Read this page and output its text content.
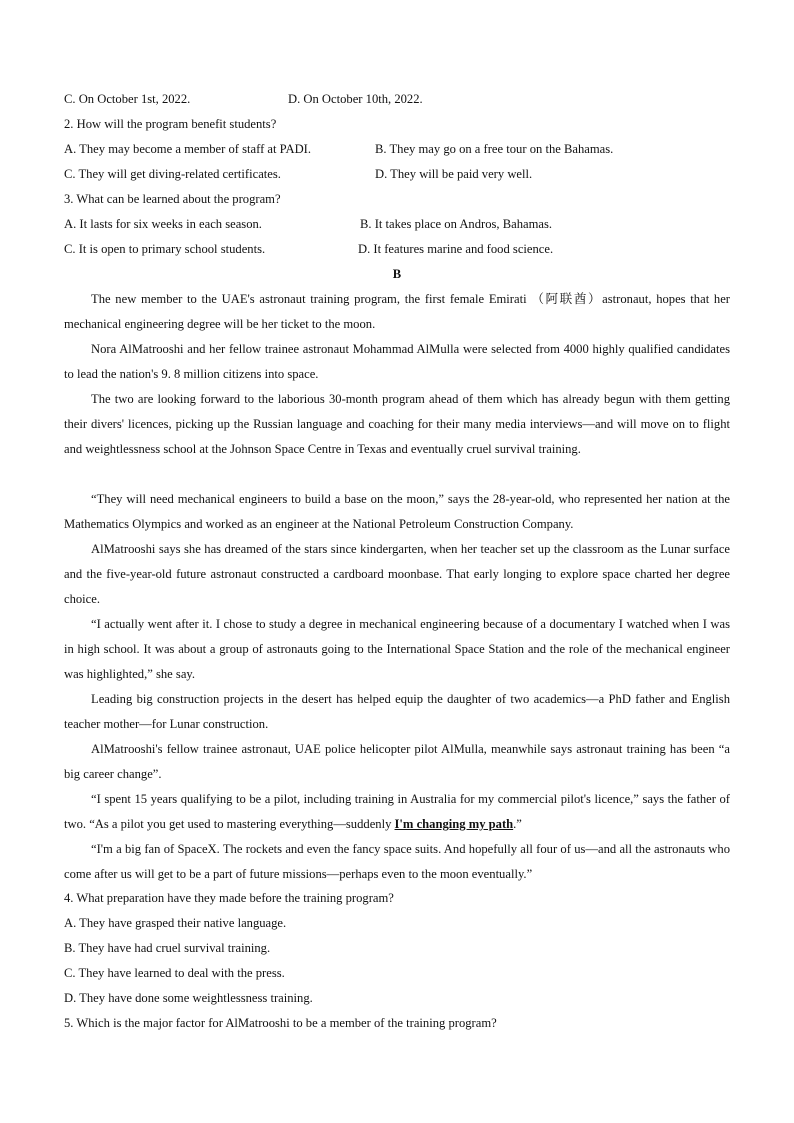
C. On October 1st, 2022.	D. On October 10th, 2022.
2. How will the program benefit students?
A. They may become a member of staff at PADI.	B. They may go on a free tour on the Bahamas.
C. They will get diving-related certificates.	D. They will be paid very well.
3. What can be learned about the program?
A. It lasts for six weeks in each season.	B. It takes place on Andros, Bahamas.
C. It is open to primary school students.	D. It features marine and food science.
B

The new member to the UAE's astronaut training program, the first female Emirati （阿联酋）astronaut, hopes that her mechanical engineering degree will be her ticket to the moon.

Nora AlMatrooshi and her fellow trainee astronaut Mohammad AlMulla were selected from 4000 highly qualified candidates to lead the nation's 9. 8 million citizens into space.

The two are looking forward to the laborious 30-month program ahead of them which has already begun with them getting their divers' licences, picking up the Russian language and coaching for their many media interviews—and will move on to flight and weightlessness school at the Johnson Space Centre in Texas and eventually cruel survival training.

“They will need mechanical engineers to build a base on the moon,” says the 28-year-old, who represented her nation at the Mathematics Olympics and worked as an engineer at the National Petroleum Construction Company.

AlMatrooshi says she has dreamed of the stars since kindergarten, when her teacher set up the classroom as the Lunar surface and the five-year-old future astronaut constructed a cardboard moonbase. That early longing to explore space charted her degree choice.

“I actually went after it. I chose to study a degree in mechanical engineering because of a documentary I watched when I was in high school. It was about a group of astronauts going to the International Space Station and the role of the mechanical engineer was highlighted,” she say.

Leading big construction projects in the desert has helped equip the daughter of two academics—a PhD father and English teacher mother—for Lunar construction.

AlMatrooshi's fellow trainee astronaut, UAE police helicopter pilot AlMulla, meanwhile says astronaut training has been “a big career change”.

“I spent 15 years qualifying to be a pilot, including training in Australia for my commercial pilot's licence,” says the father of two. “As a pilot you get used to mastering everything—suddenly I'm changing my path.”

“I'm a big fan of SpaceX. The rockets and even the fancy space suits. And hopefully all four of us—and all the astronauts who come after us will get to be a part of future missions—perhaps even to the moon eventually.”

4. What preparation have they made before the training program?
A. They have grasped their native language.
B. They have had cruel survival training.
C. They have learned to deal with the press.
D. They have done some weightlessness training.
5. Which is the major factor for AlMatrooshi to be a member of the training program?
